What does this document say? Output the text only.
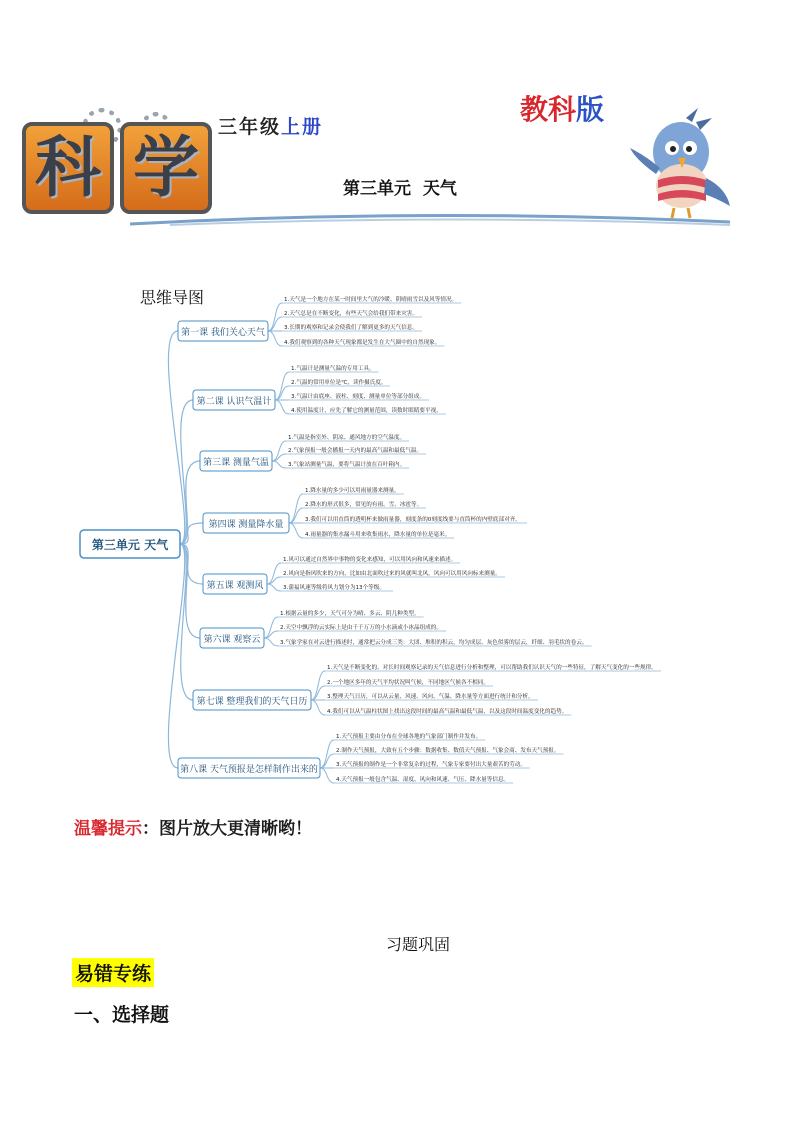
科 学
三年级上册
教科版
第三单元  天气
思维导图
第三单元 天气
第一课 我们关心天气
1.天气是一个地方在某一时间里大气的冷暖、阴晴雨雪以及风等情况。
2.天气总是在不断变化，有些天气会给我们带来灾害。
3.长期的观察和记录会使我们了解到更多的天气信息。
4.我们观察到的各种天气现象都是发生在大气圈中的自然现象。
第二课 认识气温计
1.气温计是测量气温的专用工具。
2.气温的常用单位是℃，读作摄氏度。
3.气温计由底座、液柱、刻度、测量单位等部分组成。
4.使用温度计，应先了解它的测量范围，读数时眼睛要平视。
第三课 测量气温
1.气温是指室外、阴凉、通风地方的空气温度。
2.气象预报一般会播报一天内的最高气温和最低气温。
3.气象站测量气温，要将气温计放在百叶箱内。
第四课 测量降水量
1.降水量的多少可以用雨量器来测量。
2.降水的形式很多，常见的有雨、雪、冰雹等。
3.我们可以用直筒的透明杯来做雨量器，刻度条的0刻度线要与直筒杯的内壁底部对齐。
4.雨量器的集水漏斗用来收集雨水，降水量的单位是毫米。
第五课 观测风
1.风可以通过自然界中事物的变化来感知，可以用风向和风速来描述。
2.风向是指风吹来的方向，比如由北面吹过来的风就叫北风。风向可以用风向标来测量。
3.蒲福风速等级将风力划分为13个等级。
第六课 观察云
1.根据云量的多少，天气可分为晴、多云、阴几种类型。
2.天空中飘浮的云实际上是由千千万万的小水滴或小冰晶组成的。
3.气象学家在对云进行描述时，通常把云分成三类：大团、堆积的积云，均匀成层、灰色似雾的层云，纤细、羽毛状的卷云。
第七课 整理我们的天气日历
1.天气是不断变化的。对长时间观察记录的天气信息进行分析和整理，可以帮助我们认识天气的一些特征，了解天气变化的一些规律。
2.一个地区多年的天气平均状况叫气候，不同地区气候各不相同。
3.整理天气日历，可以从云量、风速、风向、气温、降水量等方面进行统计和分析。
4.我们可以从气温柱状图上找出这段时间的最高气温和最低气温，以及这段时间温度变化的趋势。
第八课 天气预报是怎样制作出来的
1.天气预报主要由分布在全球各地的气象部门制作并发布。
2.制作天气预报，大致有五个步骤：数据收集、数值天气预报、气象会商、发布天气预报。
3.天气预报的制作是一个非常复杂的过程，气象专家要付出大量艰苦的劳动。
4.天气预报一般包含气温、湿度、风向和风速、气压、降水量等信息。
温馨提示：图片放大更清晰哟！
习题巩固
易错专练
一、选择题
